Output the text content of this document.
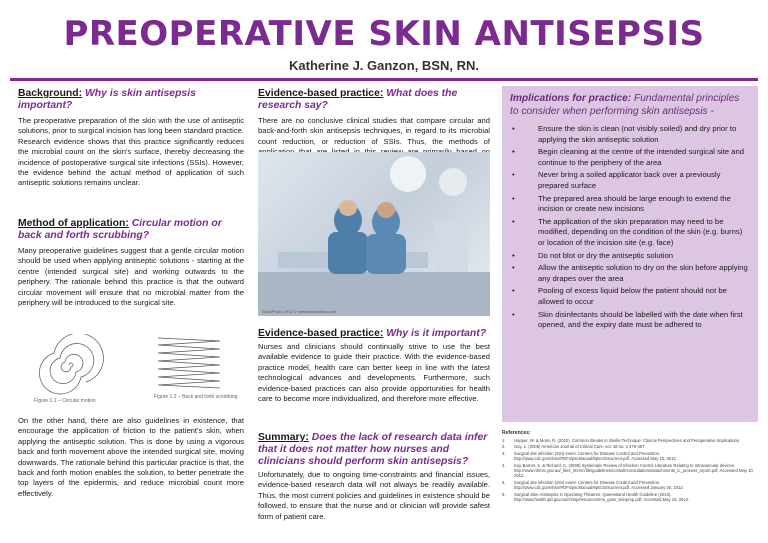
PREOPERATIVE SKIN ANTISEPSIS
Katherine J. Ganzon, BSN, RN.
Background: Why is skin antisepsis important?
The preoperative preparation of the skin with the use of antiseptic solutions, prior to surgical incision has long been standard practice. Research evidence shows that this practice significantly reduces the microbial count on the skin's surface, thereby decreasing the incidence of postoperative surgical site infections (SSIs). However, the evidence behind the actual method of application of such antiseptic solutions remains unclear.
Method of application: Circular motion or back and forth scrubbing?
Many preoperative guidelines suggest that a gentle circular motion should be used when applying antiseptic solutions - starting at the centre (intended surgical site) and working outwards to the periphery. The rationale behind this practice is that the outward circular movement will ensure that no microbial matter from the periphery will be introduced to the surgical site.
Figure 1.1 – Circular motion
Figure 1.2 – Back and forth scrubbing
On the other hand, there are also guidelines in existence, that encourage the application of friction to the patient's skin, when applying the antiseptic solution. This is done by using a vigorous back and forth movement above the intended surgical site, moving downwards. The rationale behind this particular practice is that, the back and forth motion enables the solution, to better penetrate the top layers of the epidermis, and reduce microbial count more effectively.
Evidence-based practice: What does the research say?
There are no conclusive clinical studies that compare circular and back-and-forth skin antisepsis techniques, in regard to its microbial count reduction, or reduction of SSIs. Thus, the methods of
StockPhoto 2012 © www.istockphoto.com
Evidence-based practice: Why is it important?
Nurses and clinicians should continually strive to use the best available evidence to guide their practice. With the evidence-based practice model, health care can better keep in line with the latest technological advances and developments. Furthermore, such evidence-based practices can also provide opportunities for health care to become more individualized, and therefore more effective.
Summary: Does the lack of research data infer that it does not matter how nurses and clinicians should perform skin antisepsis?
Unfortunately, due to ongoing time-constraints and financial issues, evidence-based research data will not always be readily available. Thus, the most current policies and guidelines in existence should be followed, to ensure that the nurse and or clinician will provide safest form of patient care.
Implications for practice: Fundamental principles to consider when performing skin antisepsis -
•	Ensure the skin is clean (not visibly soiled) and dry prior to applying the skin antiseptic solution
•	Begin cleaning at the centre of the intended surgical site and continue to the periphery of the area
•	Never bring a soiled applicator back over a previously prepared surface
•	The prepared area should be large enough to extend the incision or create new incisions
•	The application of the skin preparation may need to be modified, depending on the condition of the skin (e.g. burns) or location of the incision site (e.g. face)
•	Do not blot or dry the antiseptic solution
•	Allow the antiseptic solution to dry on the skin before applying any drapes over the area
•	Pooling of excess liquid below the patient should not be allowed to occur
•	Skin disinfectants should be labelled with the date when first opened, and the expiry date must be adhered to
References:
1. Hopper, W. & Moss, R. (2010). Common Breaks in Sterile Technique: Clinical Perspectives and Perioperative Implications.
2. Gay, L. (2009) American Journal of Critical Care. vol. 18 no. 3 479-487
3. Surgical site infection (SSI) event. Centers for Disease Control and Prevention. http://www.cdc.gov/nhsn/PDFs/pscManual/9pscSSIcurrent.pdf. Accessed May 10, 2012.
4. Kay-Barnet, S. & Richard, C. (2009) Systematic Review of Infection Control Literature Relating to Intravascular devices. http://www.nhmrc.gov.au/_files_nhmrc/file/guidelines/consult/consultations/attachments_ic_process_report.pdf. Accessed May 10, 2012.
5. Surgical site infection (SSI) event. Centers for Disease Control and Prevention. http://www.cdc.gov/nhsn/PDFs/pscManual/9pscSSIcurrent.pdf. Accessed January 20, 2012.
6. Surgical Skin Antisepsis in Operating Theatres, Queensland Health Guideline (2013). http://www.health.qld.gov.au/chrisp/resources/res_guss_skinprep.pdf. Accessed May 10, 2012.
